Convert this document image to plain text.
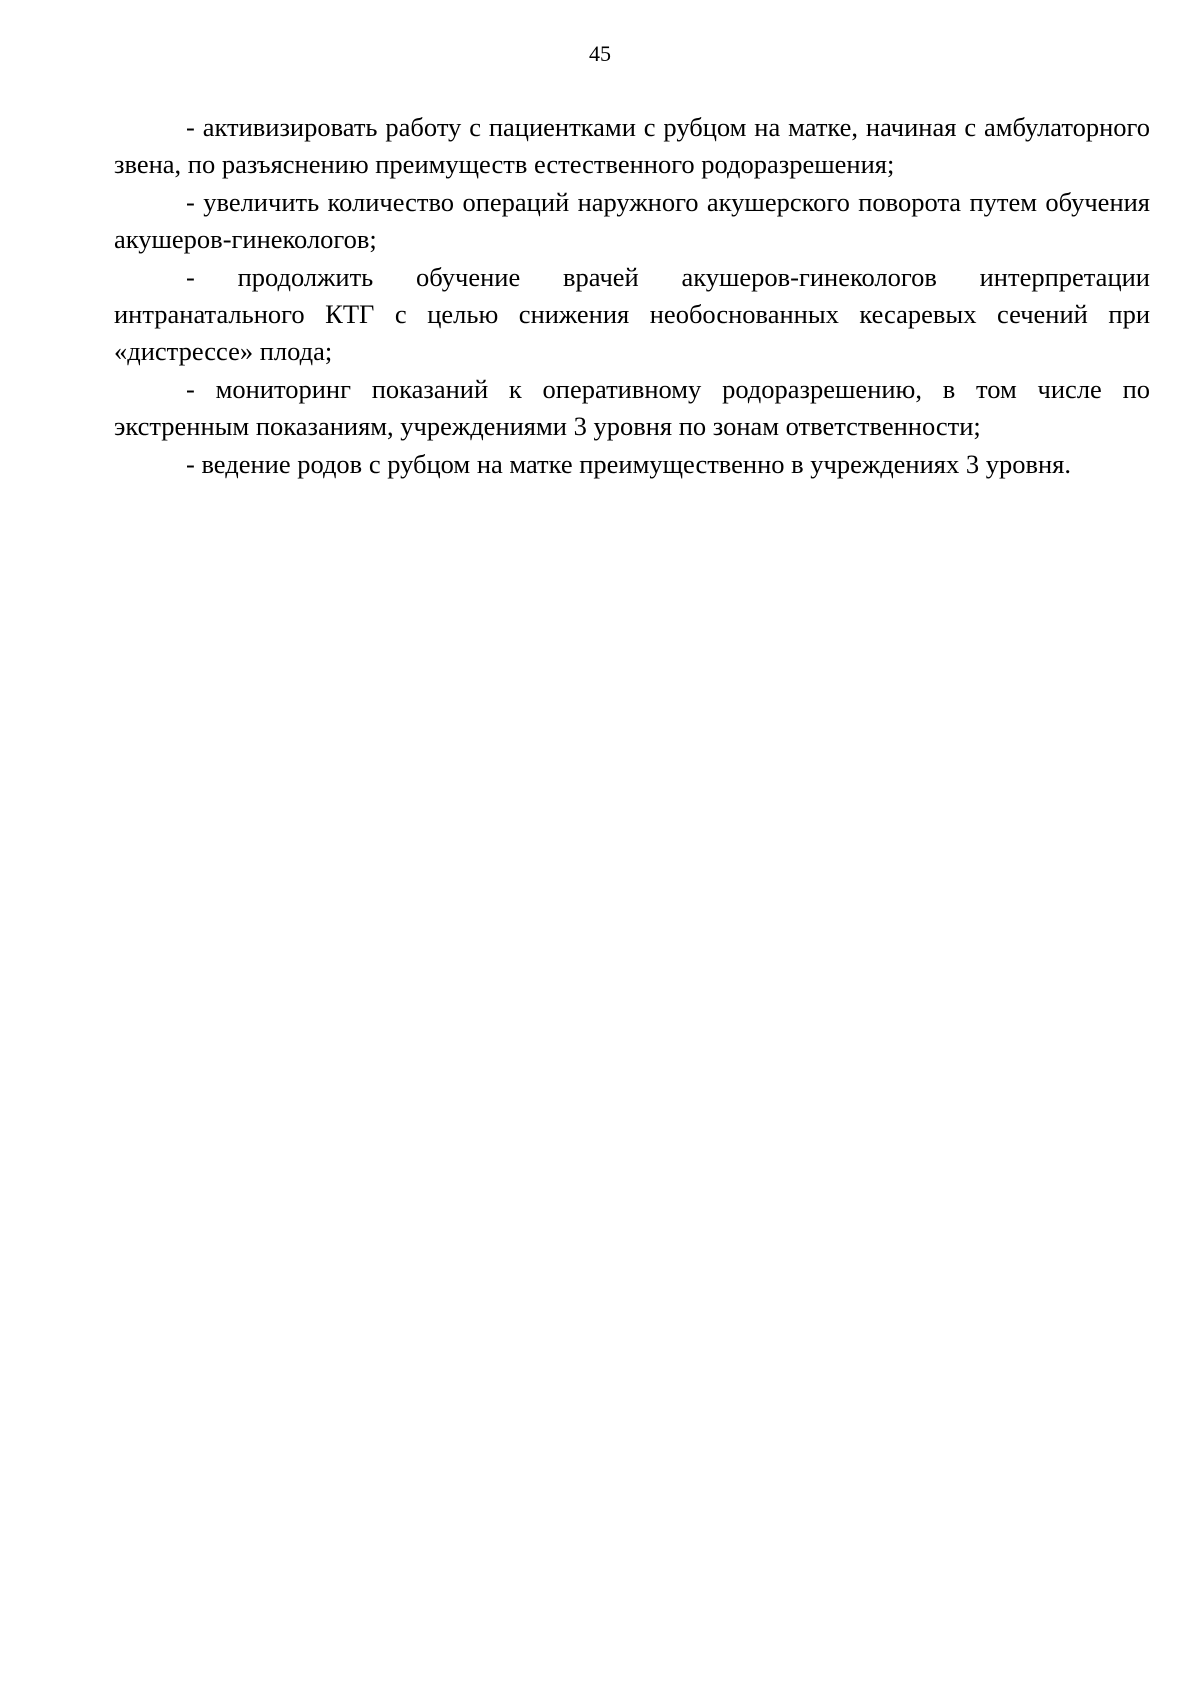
45

- активизировать работу с пациентками с рубцом на матке, начиная с амбулаторного звена, по разъяснению преимуществ естественного родоразрешения;

- увеличить количество операций наружного акушерского поворота путем обучения акушеров-гинекологов;

- продолжить обучение врачей акушеров-гинекологов интерпретации интранатального КТГ с целью снижения необоснованных кесаревых сечений при «дистрессе» плода;

- мониторинг показаний к оперативному родоразрешению, в том числе по экстренным показаниям, учреждениями 3 уровня по зонам ответственности;

- ведение родов с рубцом на матке преимущественно в учреждениях 3 уровня.
